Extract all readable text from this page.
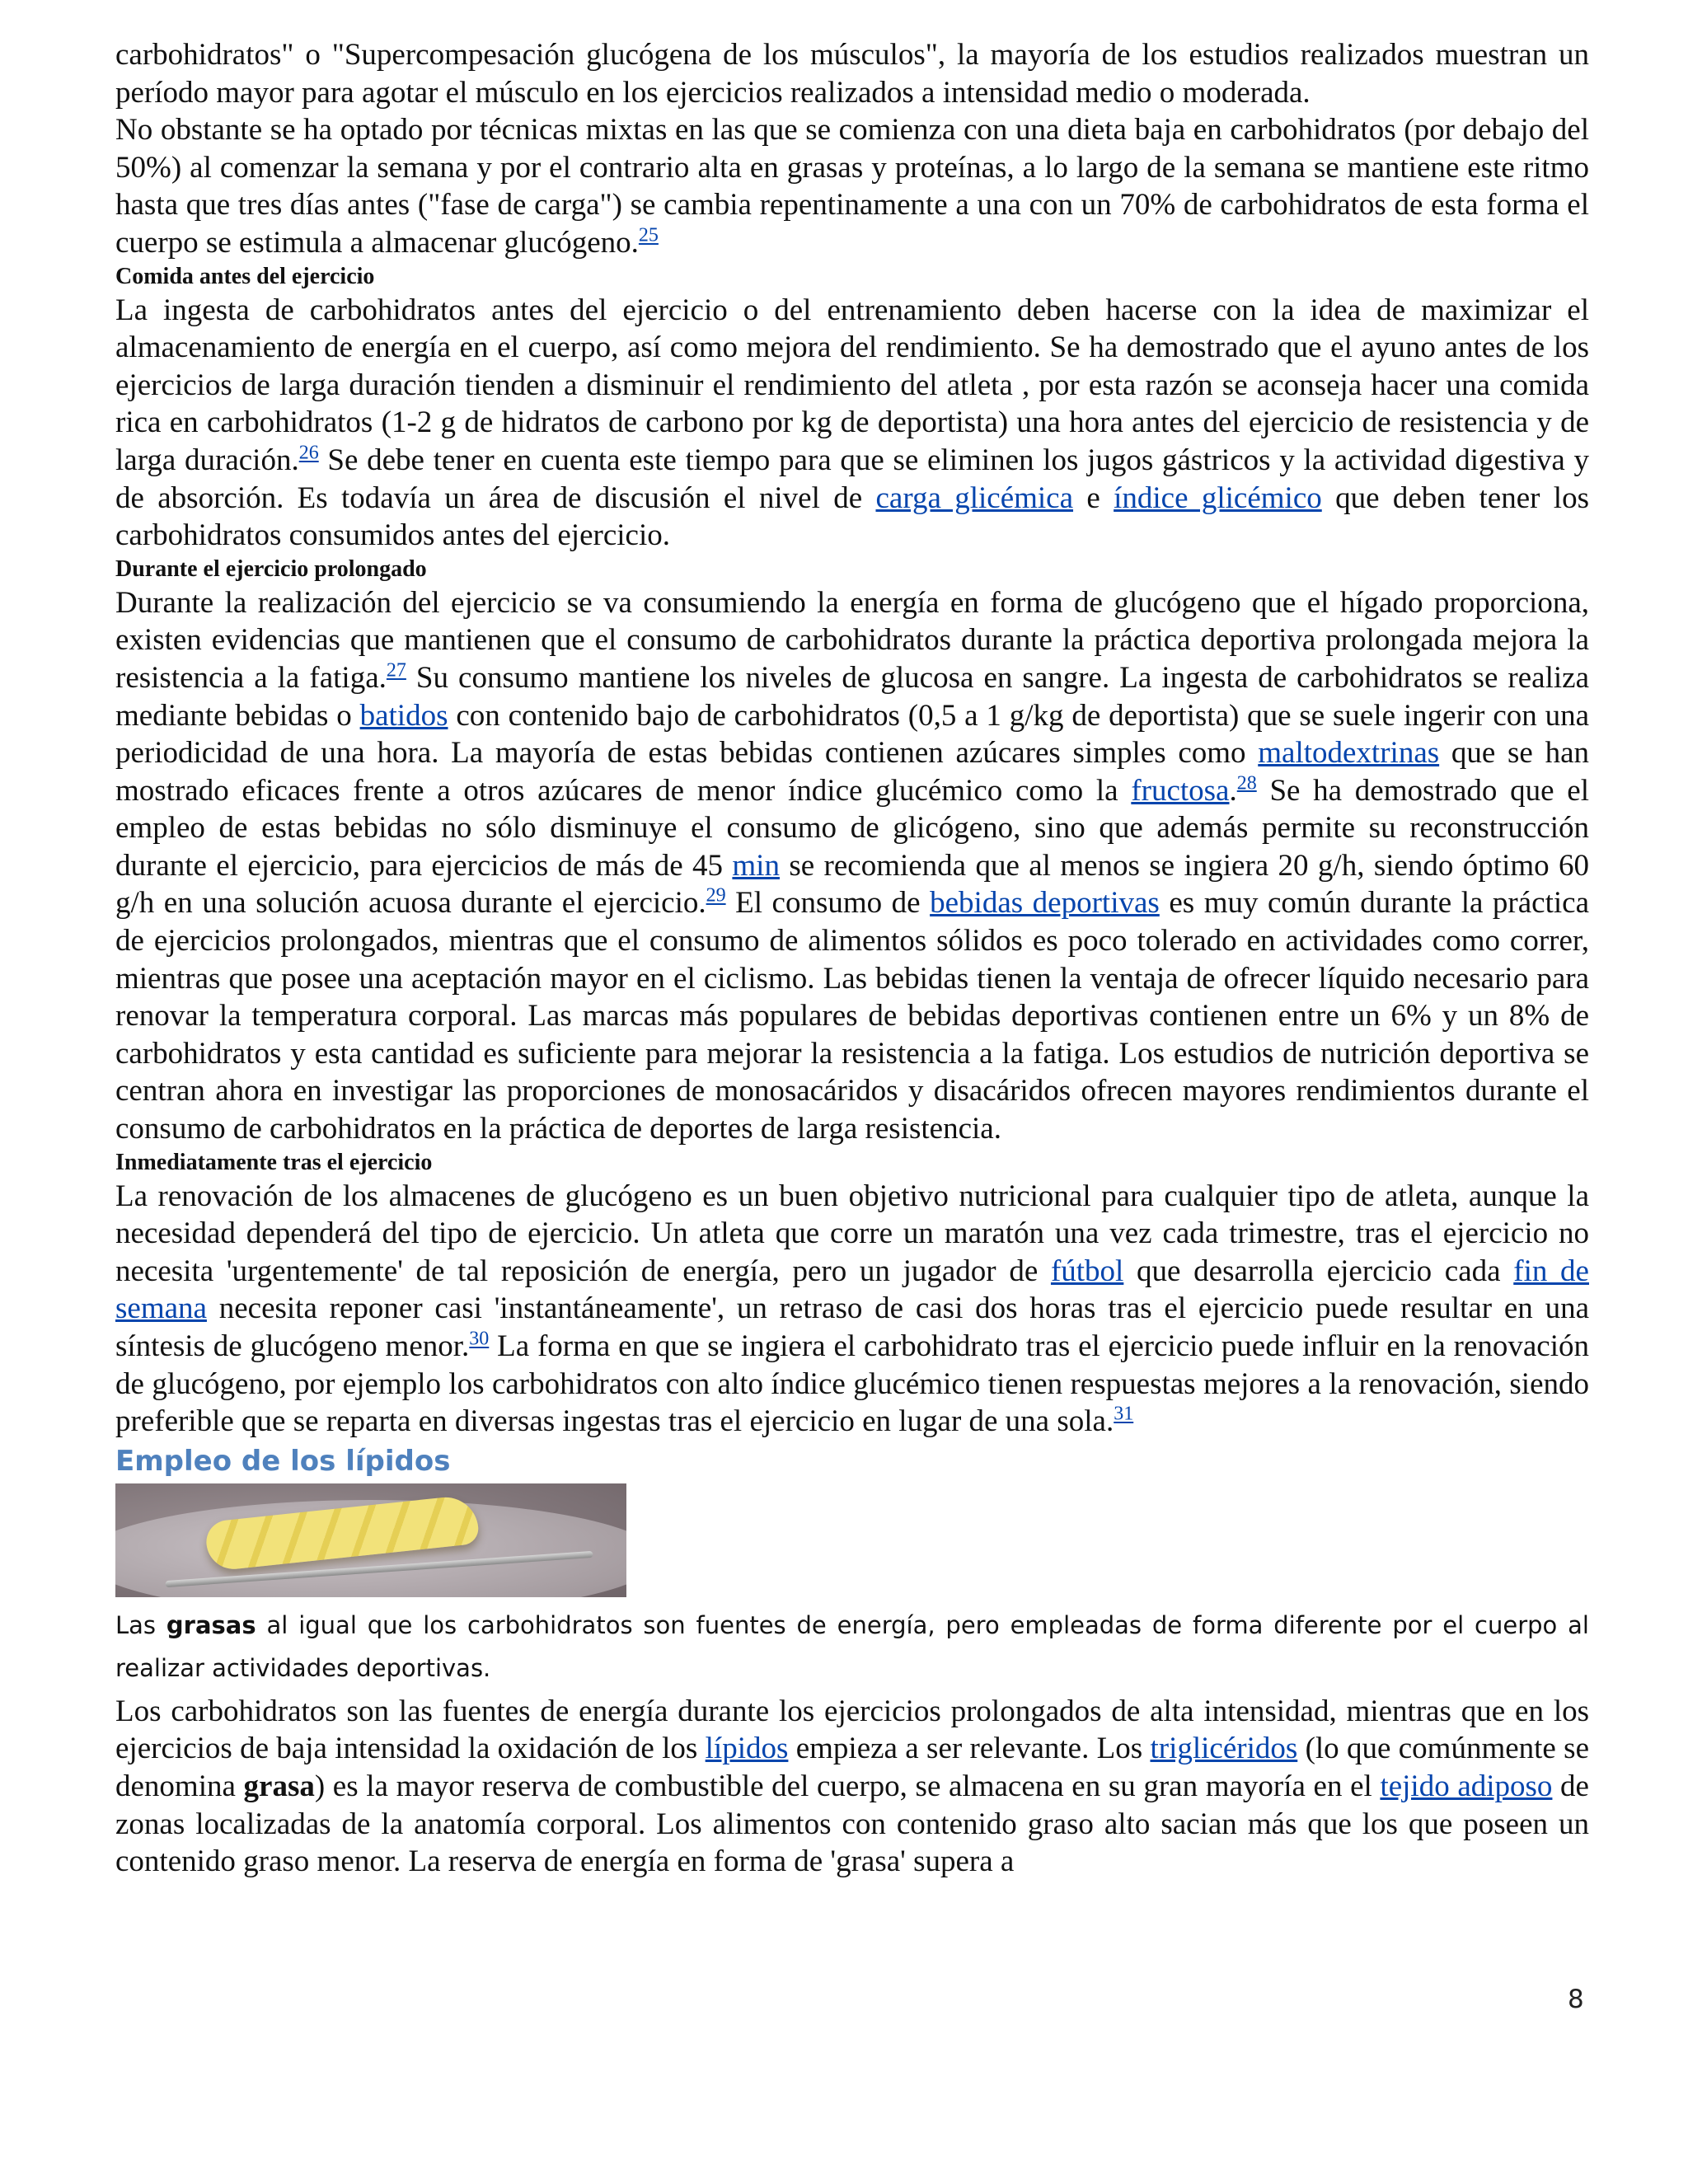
carbohidratos" o "Supercompesación glucógena de los músculos", la mayoría de los estudios realizados muestran un período mayor para agotar el músculo en los ejercicios realizados a intensidad medio o moderada.

No obstante se ha optado por técnicas mixtas en las que se comienza con una dieta baja en carbohidratos (por debajo del 50%) al comenzar la semana y por el contrario alta en grasas y proteínas, a lo largo de la semana se mantiene este ritmo hasta que tres días antes ("fase de carga") se cambia repentinamente a una con un 70% de carbohidratos de esta forma el cuerpo se estimula a almacenar glucógeno.$^{25}$

Comida antes del ejercicio

La ingesta de carbohidratos antes del ejercicio o del entrenamiento deben hacerse con la idea de maximizar el almacenamiento de energía en el cuerpo, así como mejora del rendimiento. Se ha demostrado que el ayuno antes de los ejercicios de larga duración tienden a disminuir el rendimiento del atleta , por esta razón se aconseja hacer una comida rica en carbohidratos (1-2 g de hidratos de carbono por kg de deportista) una hora antes del ejercicio de resistencia y de larga duración.$^{26}$ Se debe tener en cuenta este tiempo para que se eliminen los jugos gástricos y la actividad digestiva y de absorción. Es todavía un área de discusión el nivel de carga glicémica e índice glicémico que deben tener los carbohidratos consumidos antes del ejercicio.

Durante el ejercicio prolongado

Durante la realización del ejercicio se va consumiendo la energía en forma de glucógeno que el hígado proporciona, existen evidencias que mantienen que el consumo de carbohidratos durante la práctica deportiva prolongada mejora la resistencia a la fatiga.$^{27}$ Su consumo mantiene los niveles de glucosa en sangre. La ingesta de carbohidratos se realiza mediante bebidas o batidos con contenido bajo de carbohidratos (0,5 a 1 g/kg de deportista) que se suele ingerir con una periodicidad de una hora. La mayoría de estas bebidas contienen azúcares simples como maltodextrinas que se han mostrado eficaces frente a otros azúcares de menor índice glucémico como la fructosa.$^{28}$ Se ha demostrado que el empleo de estas bebidas no sólo disminuye el consumo de glicógeno, sino que además permite su reconstrucción durante el ejercicio, para ejercicios de más de 45 min se recomienda que al menos se ingiera 20 g/h, siendo óptimo 60 g/h en una solución acuosa durante el ejercicio.$^{29}$ El consumo de bebidas deportivas es muy común durante la práctica de ejercicios prolongados, mientras que el consumo de alimentos sólidos es poco tolerado en actividades como correr, mientras que posee una aceptación mayor en el ciclismo. Las bebidas tienen la ventaja de ofrecer líquido necesario para renovar la temperatura corporal. Las marcas más populares de bebidas deportivas contienen entre un 6% y un 8% de carbohidratos y esta cantidad es suficiente para mejorar la resistencia a la fatiga. Los estudios de nutrición deportiva se centran ahora en investigar las proporciones de monosacáridos y disacáridos ofrecen mayores rendimientos durante el consumo de carbohidratos en la práctica de deportes de larga resistencia.

Inmediatamente tras el ejercicio

La renovación de los almacenes de glucógeno es un buen objetivo nutricional para cualquier tipo de atleta, aunque la necesidad dependerá del tipo de ejercicio. Un atleta que corre un maratón una vez cada trimestre, tras el ejercicio no necesita 'urgentemente' de tal reposición de energía, pero un jugador de fútbol que desarrolla ejercicio cada fin de semana necesita reponer casi 'instantáneamente', un retraso de casi dos horas tras el ejercicio puede resultar en una síntesis de glucógeno menor.$^{30}$ La forma en que se ingiera el carbohidrato tras el ejercicio puede influir en la renovación de glucógeno, por ejemplo los carbohidratos con alto índice glucémico tienen respuestas mejores a la renovación, siendo preferible que se reparta en diversas ingestas tras el ejercicio en lugar de una sola.$^{31}$

Empleo de los lípidos

Las grasas al igual que los carbohidratos son fuentes de energía, pero empleadas de forma diferente por el cuerpo al realizar actividades deportivas.

Los carbohidratos son las fuentes de energía durante los ejercicios prolongados de alta intensidad, mientras que en los ejercicios de baja intensidad la oxidación de los lípidos empieza a ser relevante. Los triglicéridos (lo que comúnmente se denomina grasa) es la mayor reserva de combustible del cuerpo, se almacena en su gran mayoría en el tejido adiposo de zonas localizadas de la anatomía corporal. Los alimentos con contenido graso alto sacian más que los que poseen un contenido graso menor. La reserva de energía en forma de 'grasa' supera a

8
